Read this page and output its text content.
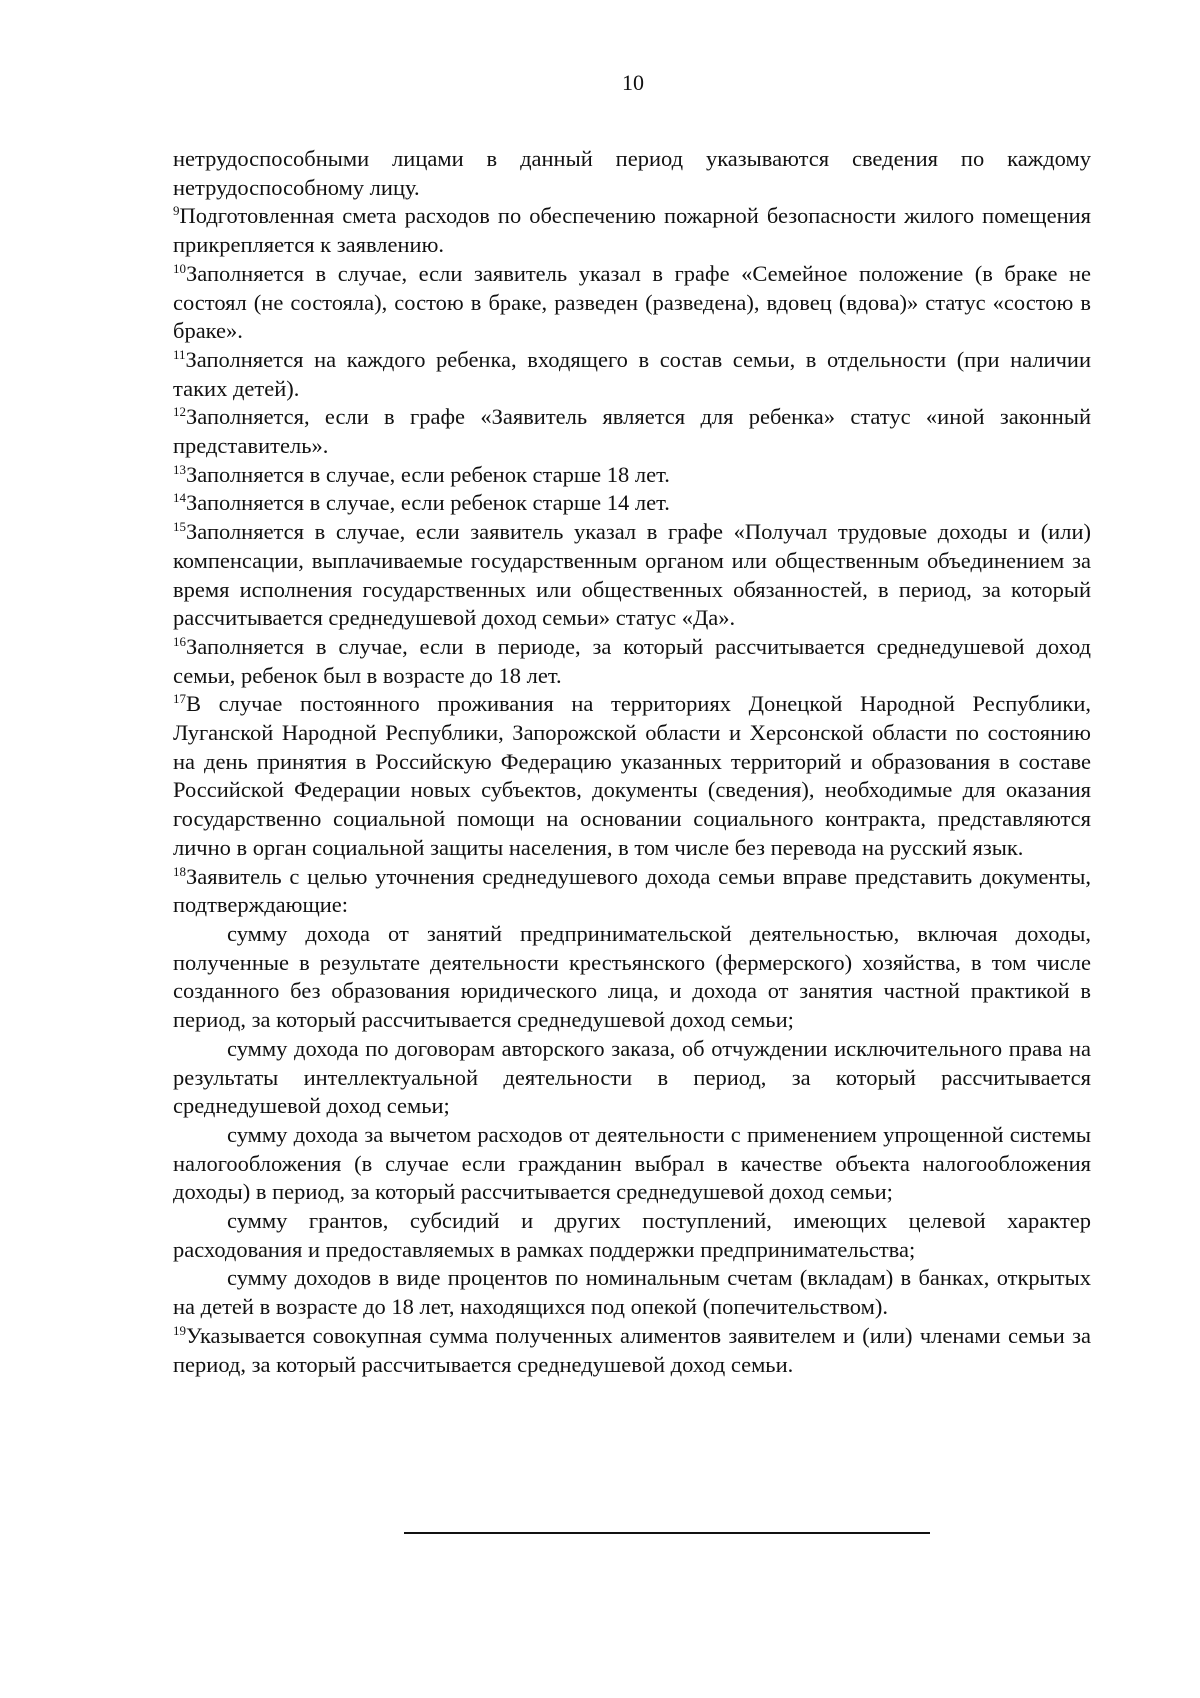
10

нетрудоспособными лицами в данный период указываются сведения по каждому нетрудоспособному лицу.

$^9$Подготовленная смета расходов по обеспечению пожарной безопасности жилого помещения прикрепляется к заявлению.

$^{10}$Заполняется в случае, если заявитель указал в графе «Семейное положение (в браке не состоял (не состояла), состою в браке, разведен (разведена), вдовец (вдова)» статус «состою в браке».

$^{11}$Заполняется на каждого ребенка, входящего в состав семьи, в отдельности (при наличии таких детей).

$^{12}$Заполняется, если в графе «Заявитель является для ребенка» статус «иной законный представитель».

$^{13}$Заполняется в случае, если ребенок старше 18 лет.

$^{14}$Заполняется в случае, если ребенок старше 14 лет.

$^{15}$Заполняется в случае, если заявитель указал в графе «Получал трудовые доходы и (или) компенсации, выплачиваемые государственным органом или общественным объединением за время исполнения государственных или общественных обязанностей, в период, за который рассчитывается среднедушевой доход семьи» статус «Да».

$^{16}$Заполняется в случае, если в периоде, за который рассчитывается среднедушевой доход семьи, ребенок был в возрасте до 18 лет.

$^{17}$В случае постоянного проживания на территориях Донецкой Народной Республики, Луганской Народной Республики, Запорожской области и Херсонской области по состоянию на день принятия в Российскую Федерацию указанных территорий и образования в составе Российской Федерации новых субъектов, документы (сведения), необходимые для оказания государственно социальной помощи на основании социального контракта, представляются лично в орган социальной защиты населения, в том числе без перевода на русский язык.

$^{18}$Заявитель с целью уточнения среднедушевого дохода семьи вправе представить документы, подтверждающие:

сумму дохода от занятий предпринимательской деятельностью, включая доходы, полученные в результате деятельности крестьянского (фермерского) хозяйства, в том числе созданного без образования юридического лица, и дохода от занятия частной практикой в период, за который рассчитывается среднедушевой доход семьи;

сумму дохода по договорам авторского заказа, об отчуждении исключительного права на результаты интеллектуальной деятельности в период, за который рассчитывается среднедушевой доход семьи;

сумму дохода за вычетом расходов от деятельности с применением упрощенной системы налогообложения (в случае если гражданин выбрал в качестве объекта налогообложения доходы) в период, за который рассчитывается среднедушевой доход семьи;

сумму грантов, субсидий и других поступлений, имеющих целевой характер расходования и предоставляемых в рамках поддержки предпринимательства;

сумму доходов в виде процентов по номинальным счетам (вкладам) в банках, открытых на детей в возрасте до 18 лет, находящихся под опекой (попечительством).

$^{19}$Указывается совокупная сумма полученных алиментов заявителем и (или) членами семьи за период, за который рассчитывается среднедушевой доход семьи.
